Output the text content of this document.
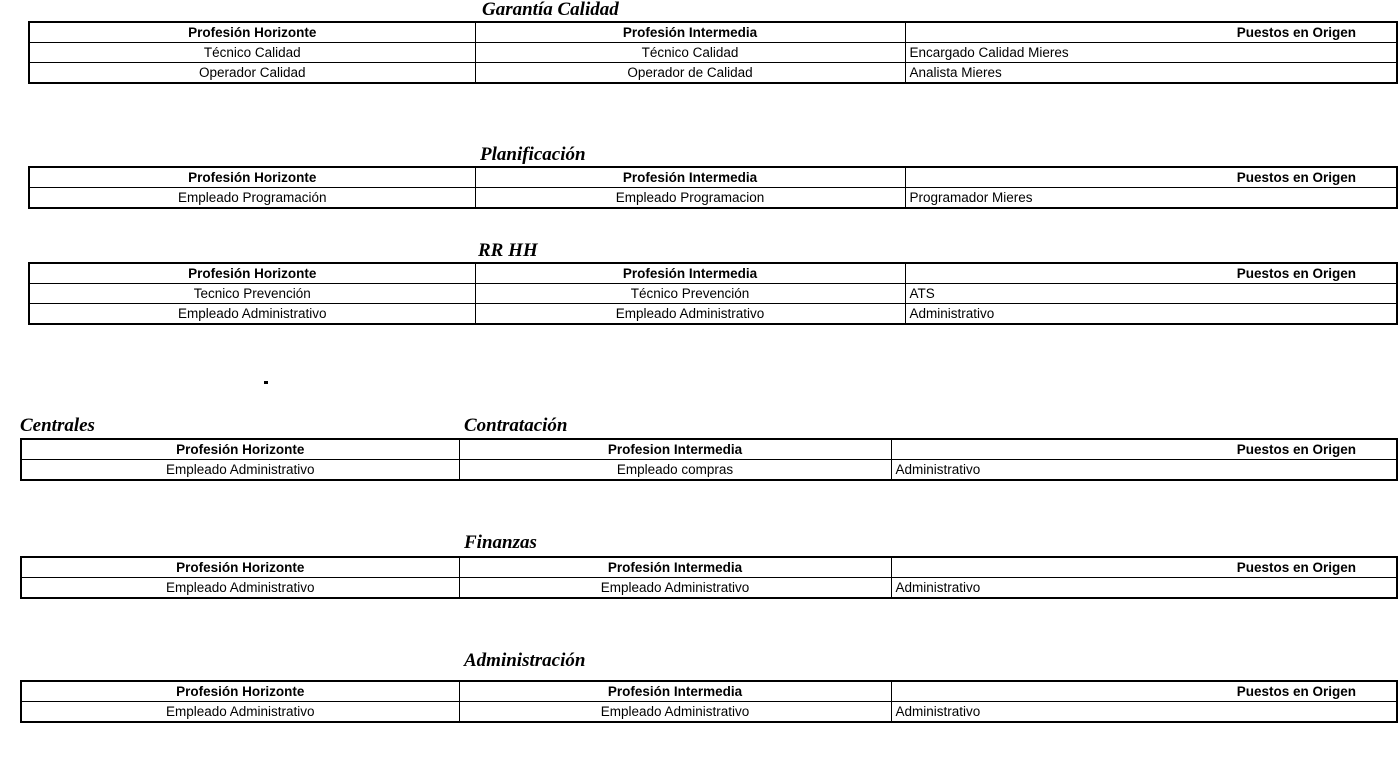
Garantía Calidad
Profesión Horizonte	Profesión Intermedia	Puestos en Origen
Técnico Calidad	Técnico Calidad	Encargado Calidad Mieres
Operador Calidad	Operador de Calidad	Analista Mieres
Planificación
Profesión Horizonte	Profesión Intermedia	Puestos en Origen
Empleado Programación	Empleado Programacion	Programador Mieres
RR HH
Profesión Horizonte	Profesión Intermedia	Puestos en Origen
Tecnico Prevención	Técnico Prevención	ATS
Empleado Administrativo	Empleado Administrativo	Administrativo
Centrales	Contratación
Profesión Horizonte	Profesion Intermedia	Puestos en Origen
Empleado Administrativo	Empleado compras	Administrativo
Finanzas
Profesión Horizonte	Profesión Intermedia	Puestos en Origen
Empleado Administrativo	Empleado Administrativo	Administrativo
Administración
Profesión Horizonte	Profesión Intermedia	Puestos en Origen
Empleado Administrativo	Empleado Administrativo	Administrativo
